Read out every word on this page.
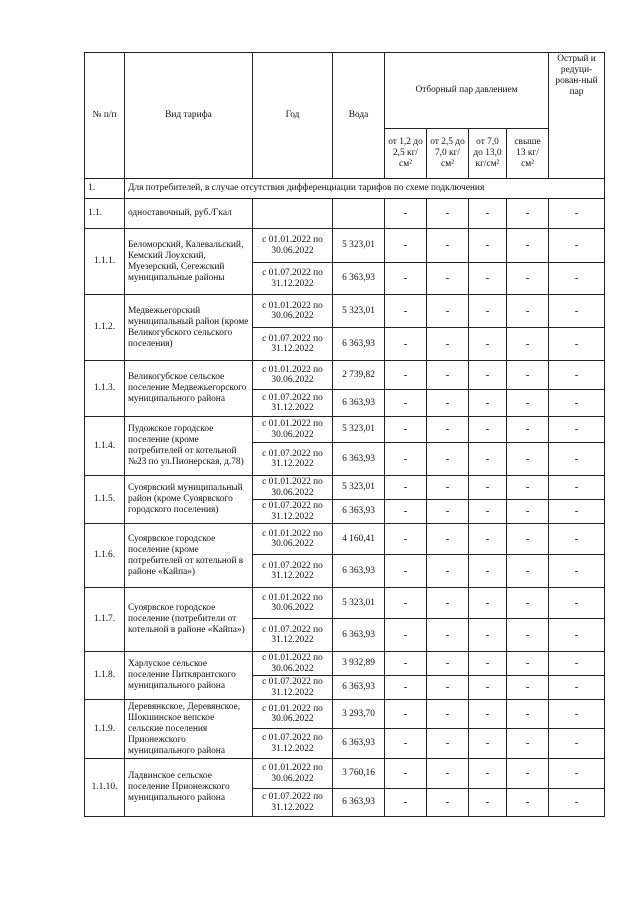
№ п/п	Вид тарифа	Год	Вода	Отборный пар давлением				Острый и редуци-рован-ный пар
				от 1,2 до 2,5 кг/см²	от 2,5 до 7,0 кг/см²	от 7,0 до 13,0 кг/см²	свыше 13 кг/см²	
1.	Для потребителей, в случае отсутствия дифференциации тарифов по схеме подключения							
1.1.	одноставочный, руб./Гкал			-	-	-	-	-
1.1.1.	Беломорский, Калевальский, Кемский Лоухский, Муезерский, Сегежский муниципальные районы	с 01.01.2022 по 30.06.2022	5 323,01	-	-	-	-	-
		с 01.07.2022 по 31.12.2022	6 363,93	-	-	-	-	-
1.1.2.	Медвежьегорский муниципальный район (кроме Великогубского сельского поселения)	с 01.01.2022 по 30.06.2022	5 323,01	-	-	-	-	-
		с 01.07.2022 по 31.12.2022	6 363,93	-	-	-	-	-
1.1.3.	Великогубское сельское поселение Медвежьегорского муниципального района	с 01.01.2022 по 30.06.2022	2 739,82	-	-	-	-	-
		с 01.07.2022 по 31.12.2022	6 363,93	-	-	-	-	-
1.1.4.	Пудожское городское поселение (кроме потребителей от котельной №23 по ул.Пионерская, д.78)	с 01.01.2022 по 30.06.2022	5 323,01	-	-	-	-	-
		с 01.07.2022 по 31.12.2022	6 363,93	-	-	-	-	-
1.1.5.	Суоярвский муниципальный район (кроме Суоярвского городского поселения)	с 01.01.2022 по 30.06.2022	5 323,01	-	-	-	-	-
		с 01.07.2022 по 31.12.2022	6 363,93	-	-	-	-	-
1.1.6.	Суоярвское городское поселение (кроме потребителей от котельной в районе «Кайпа»)	с 01.01.2022 по 30.06.2022	4 160,41	-	-	-	-	-
		с 01.07.2022 по 31.12.2022	6 363,93	-	-	-	-	-
1.1.7.	Суоярвское городское поселение (потребители от котельной в районе «Кайпа»)	с 01.01.2022 по 30.06.2022	5 323,01	-	-	-	-	-
		с 01.07.2022 по 31.12.2022	6 363,93	-	-	-	-	-
1.1.8.	Харлуское сельское поселение Питкярантского муниципального района	с 01.01.2022 по 30.06.2022	3 932,89	-	-	-	-	-
		с 01.07.2022 по 31.12.2022	6 363,93	-	-	-	-	-
1.1.9.	Деревянкское, Деревянское, Шокшинское вепское сельские поселения Прионежского муниципального района	с 01.01.2022 по 30.06.2022	3 293,70	-	-	-	-	-
		с 01.07.2022 по 31.12.2022	6 363,93	-	-	-	-	-
1.1.10.	Ладвинское сельское поселение Прионежского муниципального района	с 01.01.2022 по 30.06.2022	3 760,16	-	-	-	-	-
		с 01.07.2022 по 31.12.2022	6 363,93	-	-	-	-	-
